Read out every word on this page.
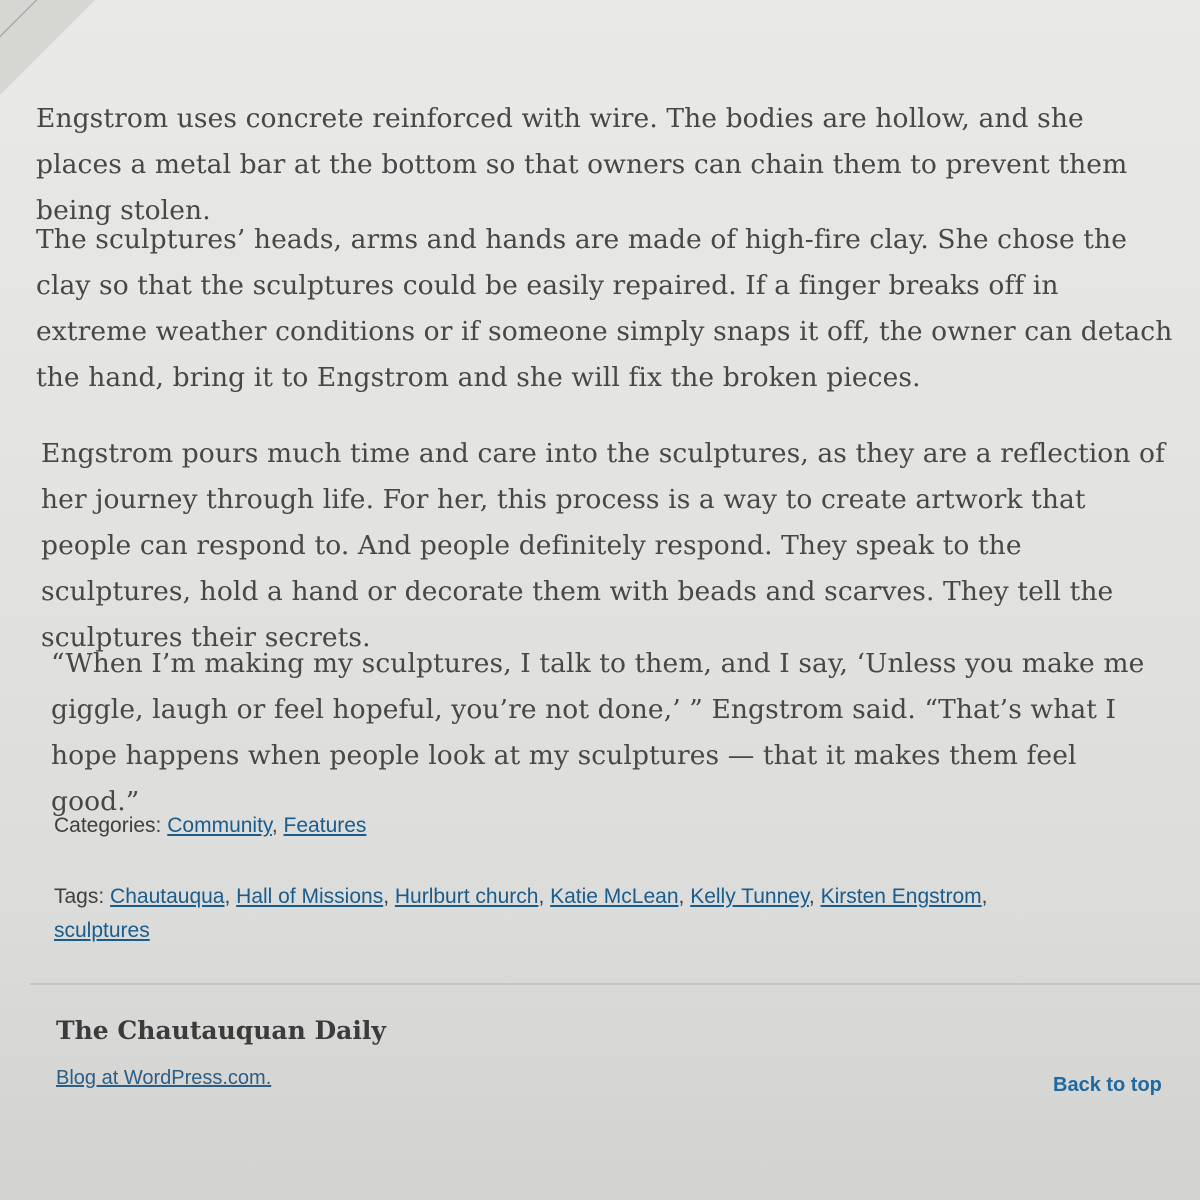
Engstrom uses concrete reinforced with wire. The bodies are hollow, and she places a metal bar at the bottom so that owners can chain them to prevent them being stolen.

The sculptures’ heads, arms and hands are made of high-fire clay. She chose the clay so that the sculptures could be easily repaired. If a finger breaks off in extreme weather conditions or if someone simply snaps it off, the owner can detach the hand, bring it to Engstrom and she will fix the broken pieces.

Engstrom pours much time and care into the sculptures, as they are a reflection of her journey through life. For her, this process is a way to create artwork that people can respond to. And people definitely respond. They speak to the sculptures, hold a hand or decorate them with beads and scarves. They tell the sculptures their secrets.

“When I’m making my sculptures, I talk to them, and I say, ‘Unless you make me giggle, laugh or feel hopeful, you’re not done,’ ” Engstrom said. “That’s what I hope happens when people look at my sculptures — that it makes them feel good.”

Categories: Community, Features
Tags: Chautauqua, Hall of Missions, Hurlburt church, Katie McLean, Kelly Tunney, Kirsten Engstrom,
sculptures
The Chautauquan Daily
Blog at WordPress.com.	Back to top
